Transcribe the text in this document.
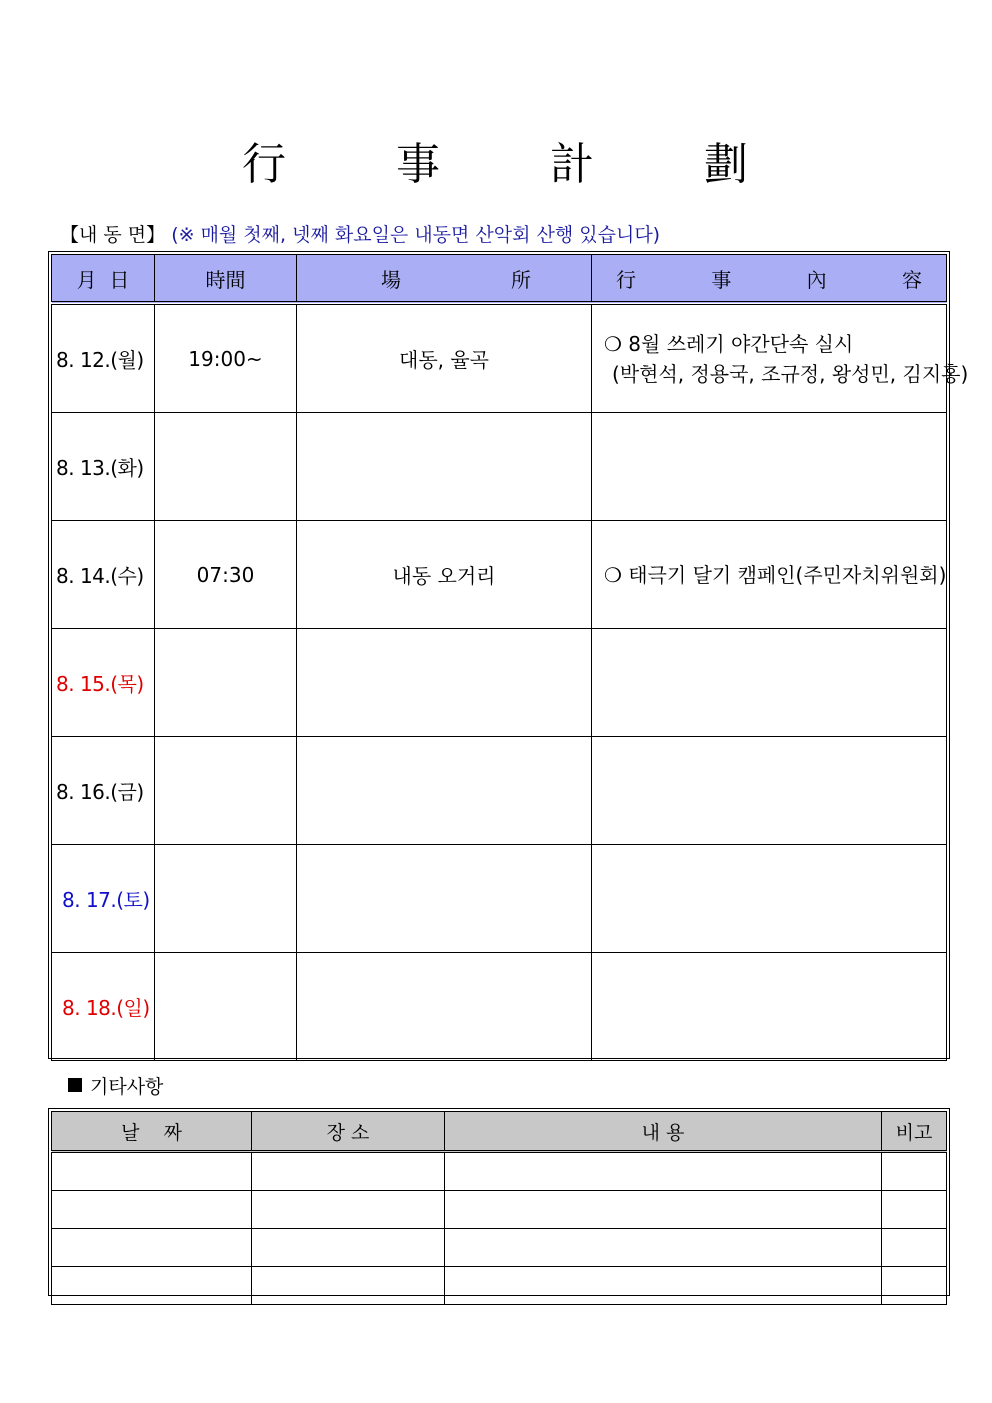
行 事 計 劃
【내 동 면】 (※ 매월 첫째, 넷째 화요일은 내동면 산악회 산행 있습니다)
月 日	時間	場 所	行 事 內 容

8. 12.(월)	19:00~	대동, 율곡	❍ 8월 쓰레기 야간단속 실시
(박현석, 정용국, 조규정, 왕성민, 김지홍)

8. 13.(화)			

8. 14.(수)	07:30	내동 오거리	❍ 태극기 달기 캠페인(주민자치위원회)

8. 15.(목)			

8. 16.(금)			

8. 17.(토)			

8. 18.(일)			
기타사항
날    짜	장 소	내 용	비고
